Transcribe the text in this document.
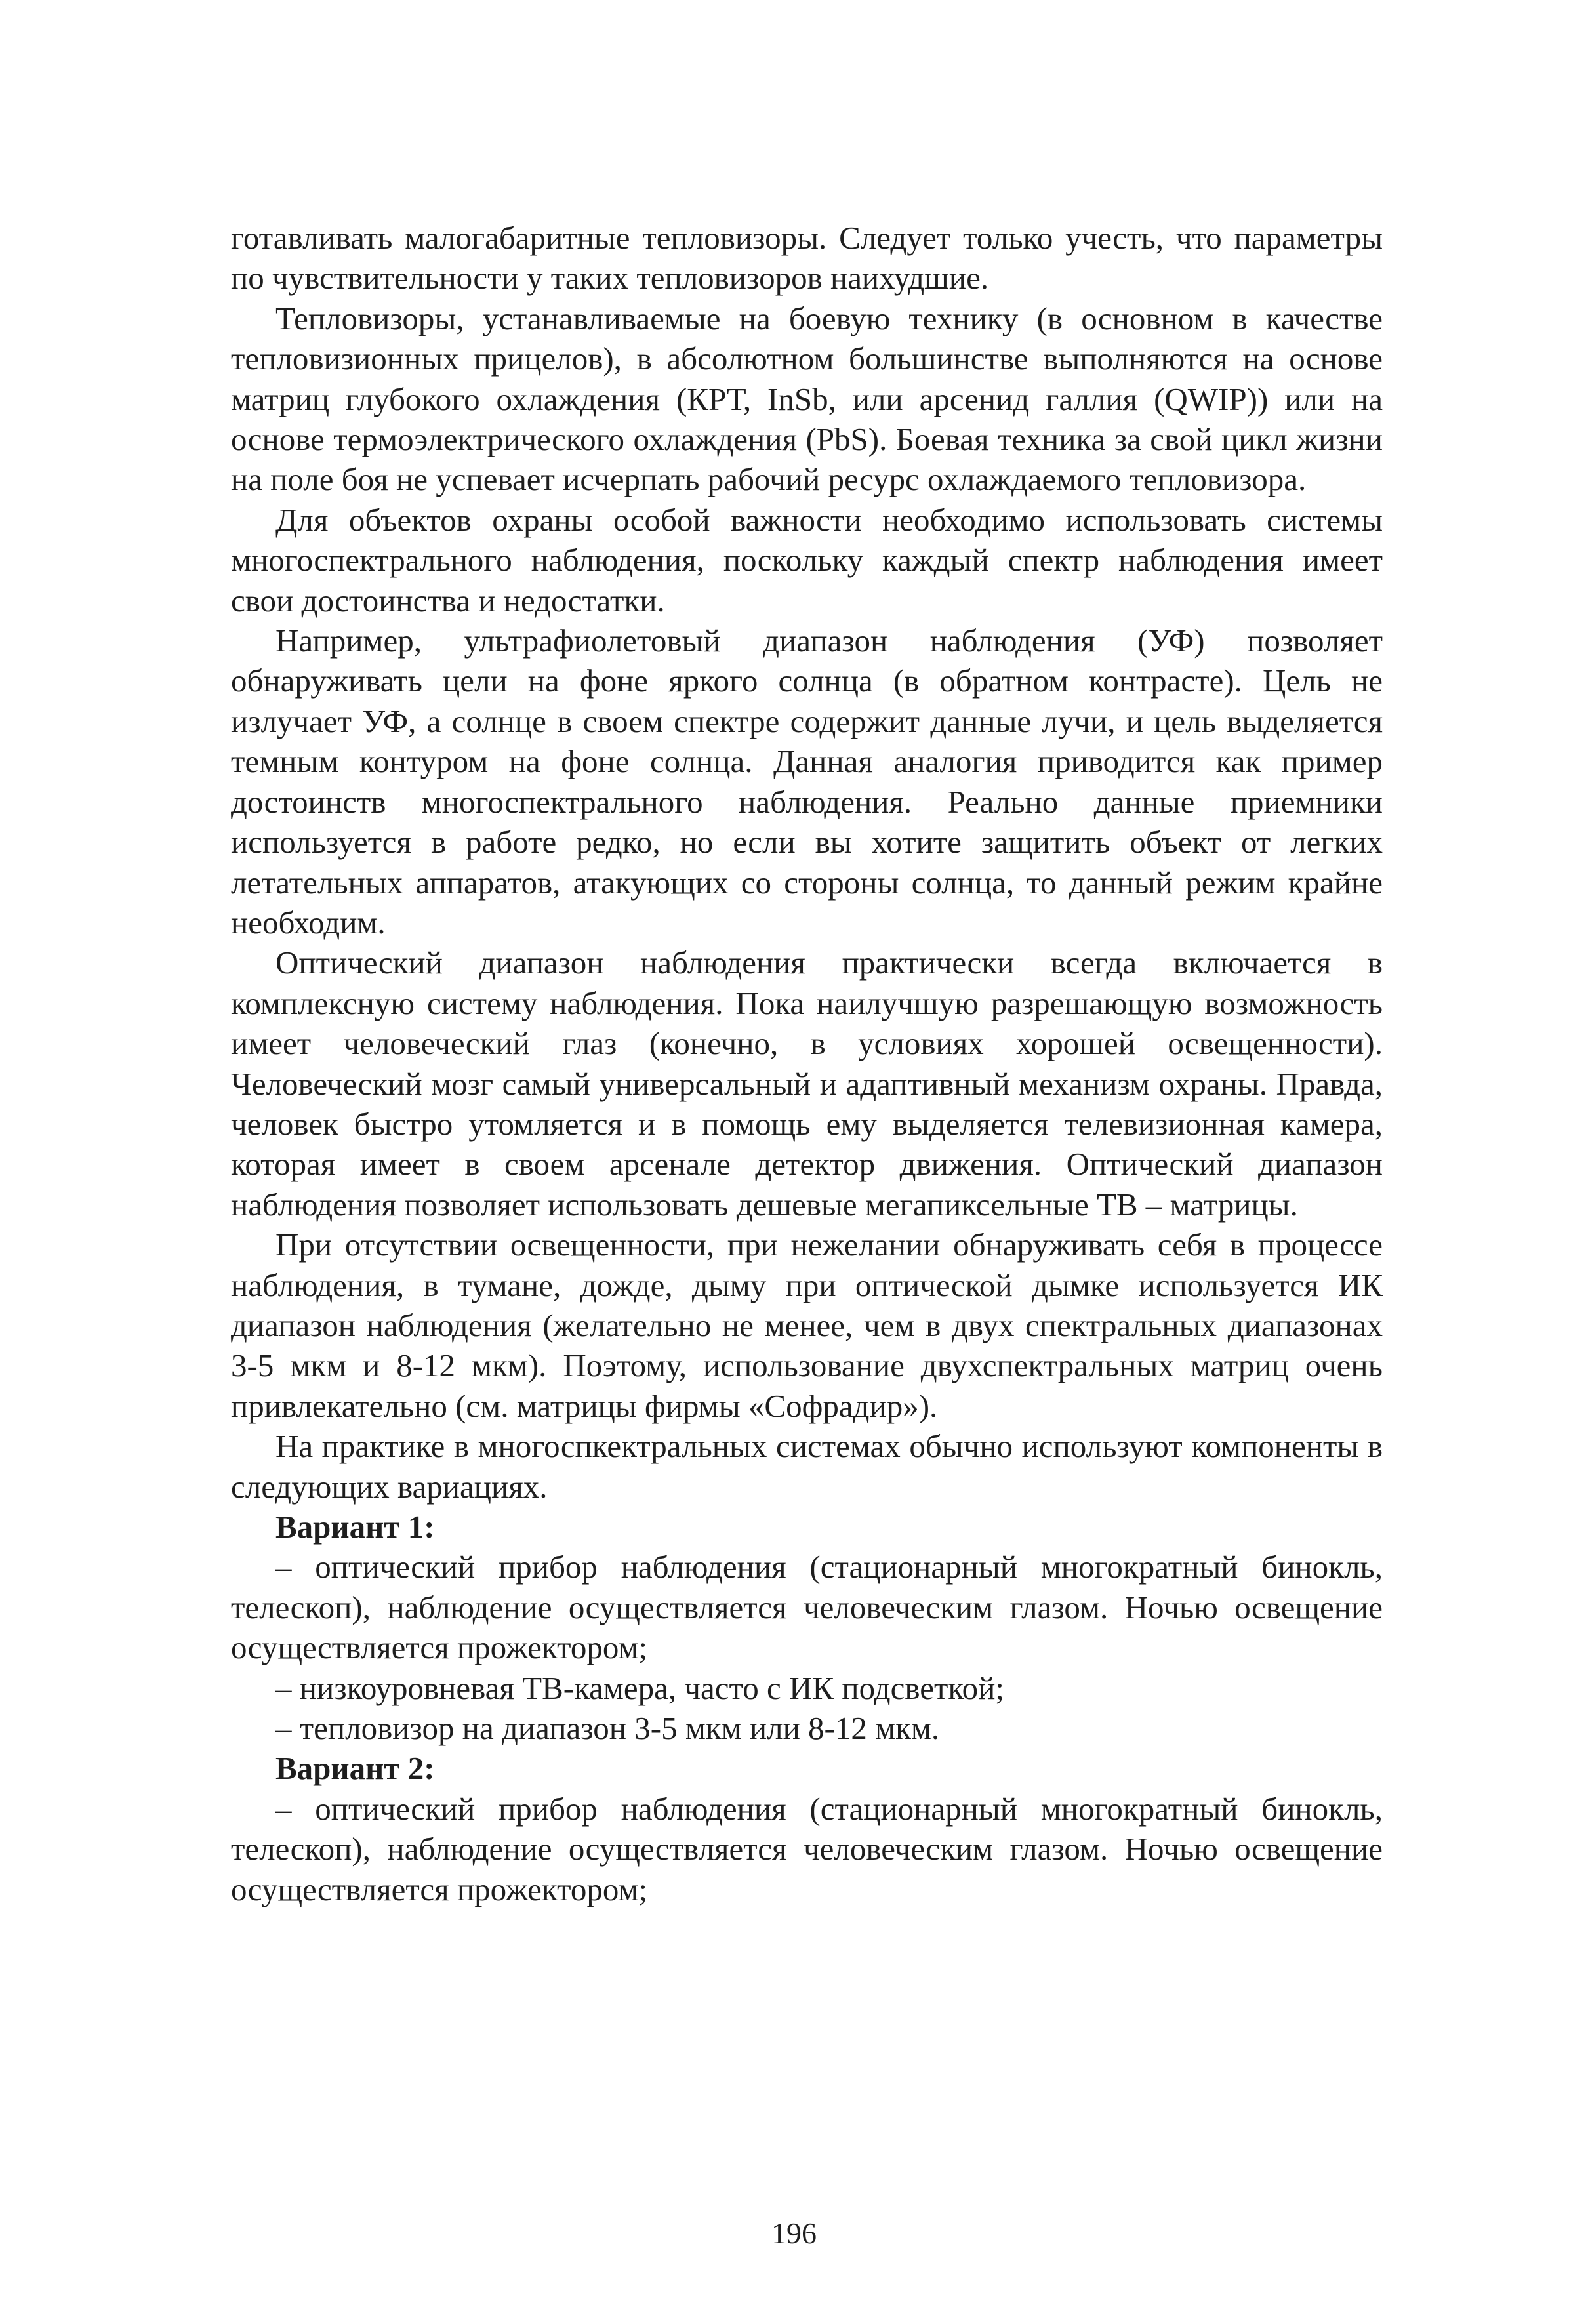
готавливать малогабаритные тепловизоры. Следует только учесть, что параметры по чувствительности у таких тепловизоров наихудшие.

Тепловизоры, устанавливаемые на боевую технику (в основном в качестве тепловизионных прицелов), в абсолютном большинстве выполняются на основе матриц глубокого охлаждения (КРТ, InSb, или арсенид галлия (QWIP)) или на основе термоэлектрического охлаждения (PbS). Боевая техника за свой цикл жизни на поле боя не успевает исчерпать рабочий ресурс охлаждаемого тепловизора.

Для объектов охраны особой важности необходимо использовать системы многоспектрального наблюдения, поскольку каждый спектр наблюдения имеет свои достоинства и недостатки.

Например, ультрафиолетовый диапазон наблюдения (УФ) позволяет обнаруживать цели на фоне яркого солнца (в обратном контрасте). Цель не излучает УФ, а солнце в своем спектре содержит данные лучи, и цель выделяется темным контуром на фоне солнца. Данная аналогия приводится как пример достоинств многоспектрального наблюдения. Реально данные приемники используется в работе редко, но если вы хотите защитить объект от легких летательных аппаратов, атакующих со стороны солнца, то данный режим крайне необходим.

Оптический диапазон наблюдения практически всегда включается в комплексную систему наблюдения. Пока наилучшую разрешающую возможность имеет человеческий глаз (конечно, в условиях хорошей освещенности). Человеческий мозг самый универсальный и адаптивный механизм охраны. Правда, человек быстро утомляется и в помощь ему выделяется телевизионная камера, которая имеет в своем арсенале детектор движения. Оптический диапазон наблюдения позволяет использовать дешевые мегапиксельные ТВ – матрицы.

При отсутствии освещенности, при нежелании обнаруживать себя в процессе наблюдения, в тумане, дожде, дыму при оптической дымке используется ИК диапазон наблюдения (желательно не менее, чем в двух спектральных диапазонах 3-5 мкм и 8-12 мкм). Поэтому, использование двухспектральных матриц очень привлекательно (см. матрицы фирмы «Софрадир»).

На практике в многоспкектральных системах обычно используют компоненты в следующих вариациях.

Вариант 1:

– оптический прибор наблюдения (стационарный многократный бинокль, телескоп), наблюдение осуществляется человеческим глазом. Ночью освещение осуществляется прожектором;

– низкоуровневая ТВ-камера, часто с ИК подсветкой;

– тепловизор на диапазон 3-5 мкм или 8-12 мкм.

Вариант 2:

– оптический прибор наблюдения (стационарный многократный бинокль, телескоп), наблюдение осуществляется человеческим глазом. Ночью освещение осуществляется прожектором;

196
